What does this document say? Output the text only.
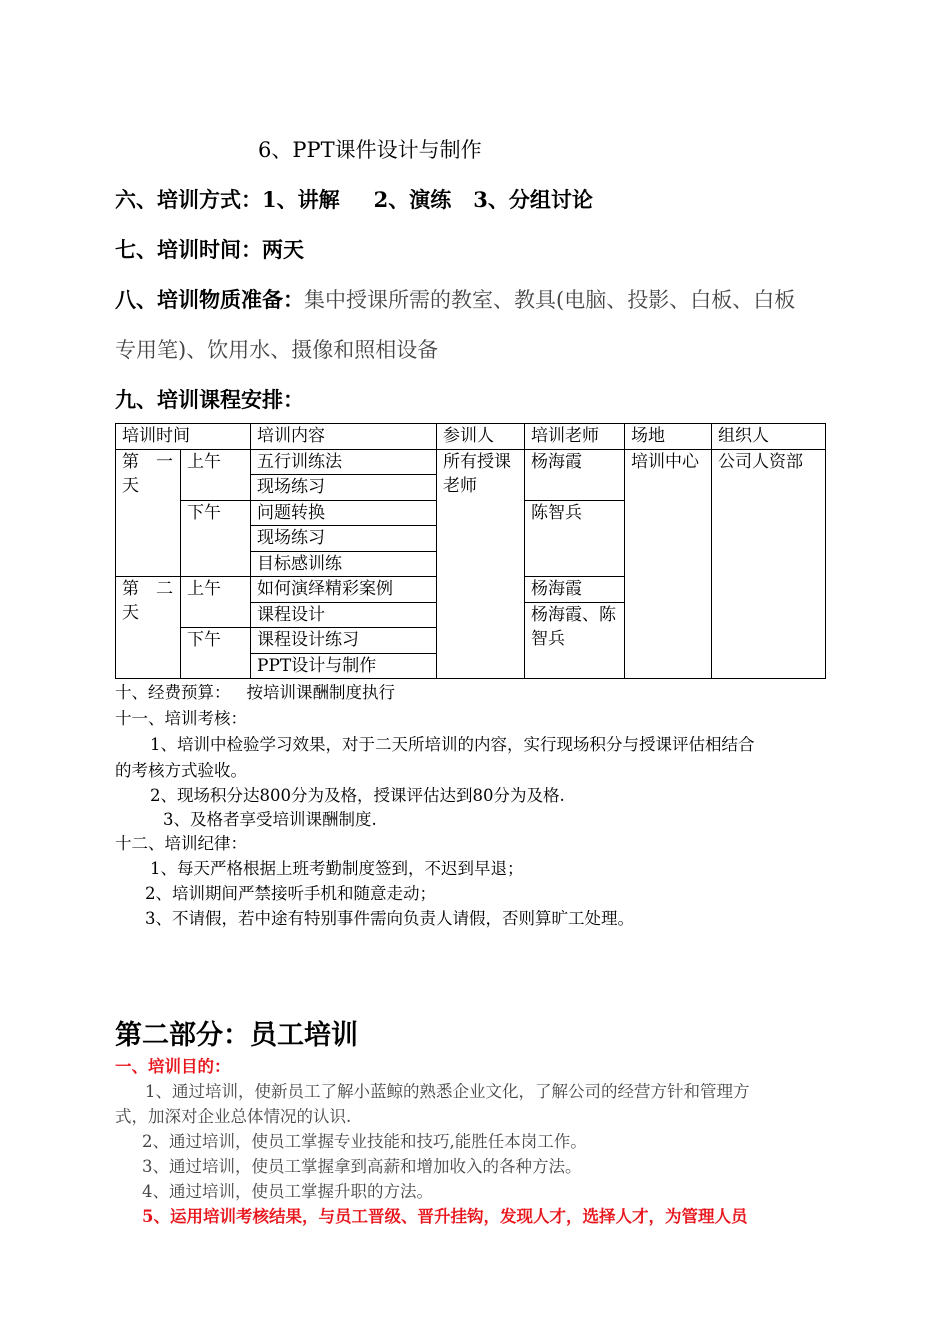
6、PPT课件设计与制作
六、培训方式：1、讲解 2、演练 3、分组讨论
七、培训时间：两天
八、培训物质准备：集中授课所需的教室、教具(电脑、投影、白板、白板
专用笔)、饮用水、摄像和照相设备
九、培训课程安排：
培训时间		培训内容	参训人	培训老师	场地	组织人
第　一天	上午	五行训练法	所有授课老师	杨海霞	培训中心	公司人资部
		现场练习				
	下午	问题转换		陈智兵		
		现场练习				
		目标感训练				
第　二天	上午	如何演绎精彩案例		杨海霞		
		课程设计		杨海霞、陈智兵		
	下午	课程设计练习				
		PPT设计与制作				
十、经费预算： 按培训课酬制度执行
十一、培训考核：
1、培训中检验学习效果，对于二天所培训的内容，实行现场积分与授课评估相结合
的考核方式验收。
2、现场积分达800分为及格，授课评估达到80分为及格.
3、及格者享受培训课酬制度.
十二、培训纪律：
1、每天严格根据上班考勤制度签到，不迟到早退；
2、培训期间严禁接听手机和随意走动；
3、不请假，若中途有特别事件需向负责人请假，否则算旷工处理。
第二部分：员工培训
一、培训目的：
1、通过培训，使新员工了解小蓝鲸的熟悉企业文化，了解公司的经营方针和管理方
式，加深对企业总体情况的认识.
2、通过培训，使员工掌握专业技能和技巧,能胜任本岗工作。
3、通过培训，使员工掌握拿到高薪和增加收入的各种方法。
4、通过培训，使员工掌握升职的方法。
5、运用培训考核结果，与员工晋级、晋升挂钩，发现人才，选择人才，为管理人员
